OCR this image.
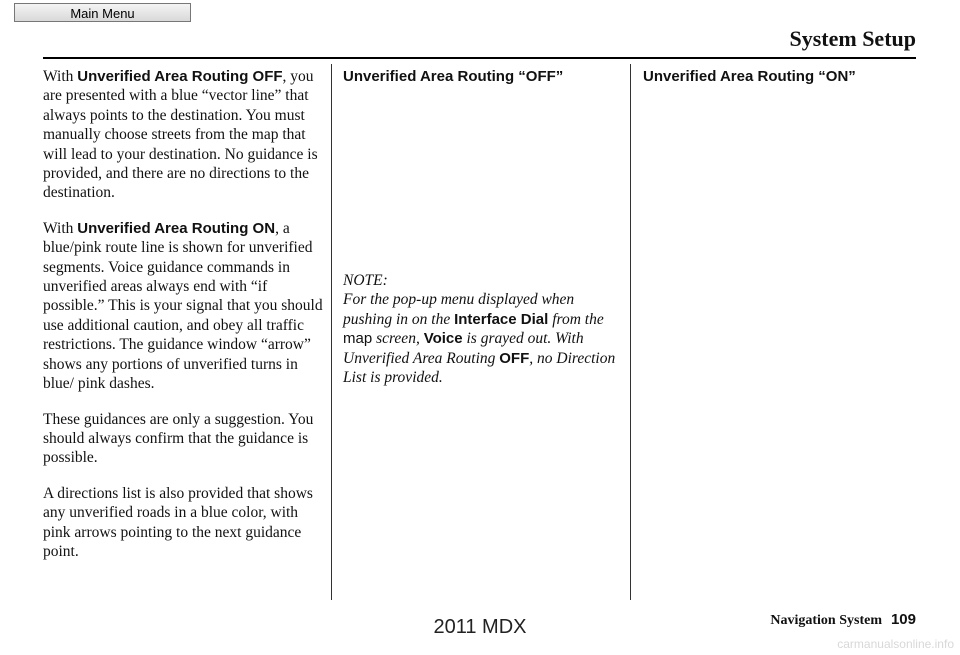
Main Menu
System Setup

With Unverified Area Routing OFF, you are presented with a blue “vector line” that always points to the destination. You must manually choose streets from the map that will lead to your destination. No guidance is provided, and there are no directions to the destination.

With Unverified Area Routing ON, a blue/pink route line is shown for unverified segments. Voice guidance commands in unverified areas always end with “if possible.” This is your signal that you should use additional caution, and obey all traffic restrictions. The guidance window “arrow” shows any portions of unverified turns in blue/ pink dashes.

These guidances are only a suggestion. You should always confirm that the guidance is possible.

A directions list is also provided that shows any unverified roads in a blue color, with pink arrows pointing to the next guidance point.

Unverified Area Routing “OFF”

NOTE:
For the pop-up menu displayed when pushing in on the Interface Dial from the map screen, Voice is grayed out. With Unverified Area Routing OFF, no Direction List is provided.

Unverified Area Routing “ON”

Navigation System 109
2011 MDX
carmanualsonline.info
